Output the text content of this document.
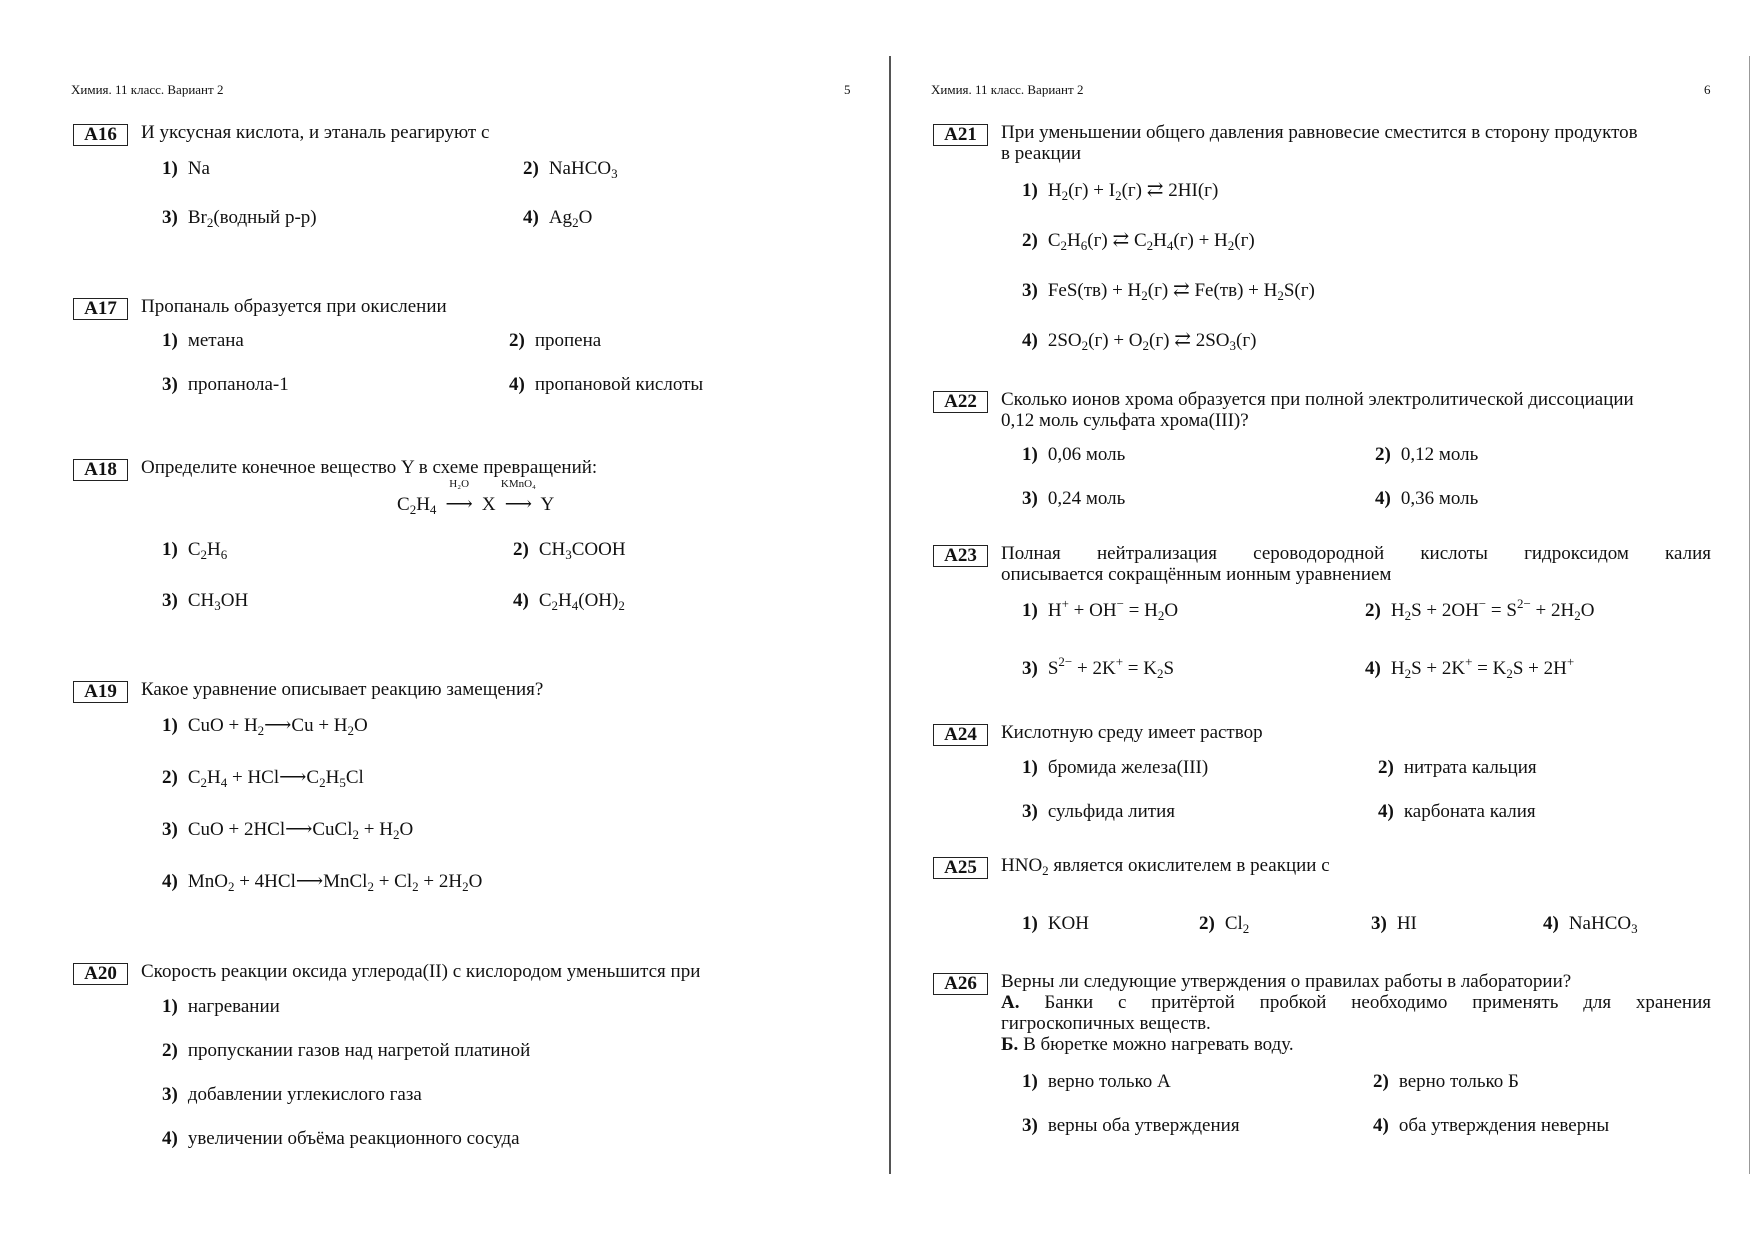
Химия. 11 класс. Вариант 2	5
A16	И уксусная кислота, и этаналь реагируют с
1) Na	2) NaHCO$_3$
3) $Br_2(водный$ р-р)	4) $Ag_2O$
A17	Пропаналь образуется при окислении
1) метана	2) пропена
3) пропанола-1	4) пропановой кислоты
A18	Определите конечное вещество Y в схеме превращений:
$C_2H_4$
H₂O
⟶ X
KMnO₄
⟶ Y
1) $C_2H_6$	2) $CH_3COOH$
3) $CH_3OH$	4) $C_2H_4(OH)_2$
A19	Какое уравнение описывает реакцию замещения?
1) CuO + $H_2⟶Cu + H_2O$
2) $C_2H_4$ + $HCl⟶C_2H_5Cl$
3) CuO + 2HCl⟶CuCl$_2$ + $H_2O$
4) MnO$_2$ + 4HCl⟶MnCl$_2$ + $Cl_2 + 2H_2O$
A20	Скорость реакции оксида углерода(II) с кислородом уменьшится при
1) нагревании
2) пропускании газов над нагретой платиной
3) добавлении углекислого газа
4) увеличении объёма реакционного сосуда
Химия. 11 класс. Вариант 2	6
A21	При уменьшении общего давления равновесие сместится в сторону продуктов
в реакции
1) $H_2(г) + I_2(г)$ ⇄ 2HI(г)
2) $C_2H_6(г)$ ⇄ $C_2H_4(г) + H_2(г)$
3) $FeS(тв) + H_2(г)$ ⇄ $Fe(тв) + H_2S(г)$
4) $2SO_2(г) + O_2(г)$ ⇄ $2SO_3(г)$
A22	Сколько ионов хрома образуется при полной электролитической диссоциации
0,12 моль сульфата хрома(III)?
1) 0,06 моль	2) 0,12 моль
3) 0,24 моль	4) 0,36 моль
A23	Полная нейтрализация сероводородной кислоты гидроксидом калия
описывается сокращённым ионным уравнением
1) $H^+ + OH^- = H_2O$	2) $H_2S + 2OH^- = S^{2-} + 2H_2O$
3) $S^{2-} + 2K^+ = K_2S$	4) $H_2S + 2K^+ = K_2S + 2H^+$
A24	Кислотную среду имеет раствор
1) бромида железа(III)	2) нитрата кальция
3) сульфида лития	4) карбоната калия
A25	$HNO_2$ является окислителем в реакции с
1) KOH	2) $Cl_2$	3) HI	4) NaHCO$_3$
A26	Верны ли следующие утверждения о правилах работы в лаборатории?
А. Банки с притёртой пробкой необходимо применять для хранения
гигроскопичных веществ.
Б. В бюретке можно нагревать воду.
1) верно только А	2) верно только Б
3) верны оба утверждения	4) оба утверждения неверны
